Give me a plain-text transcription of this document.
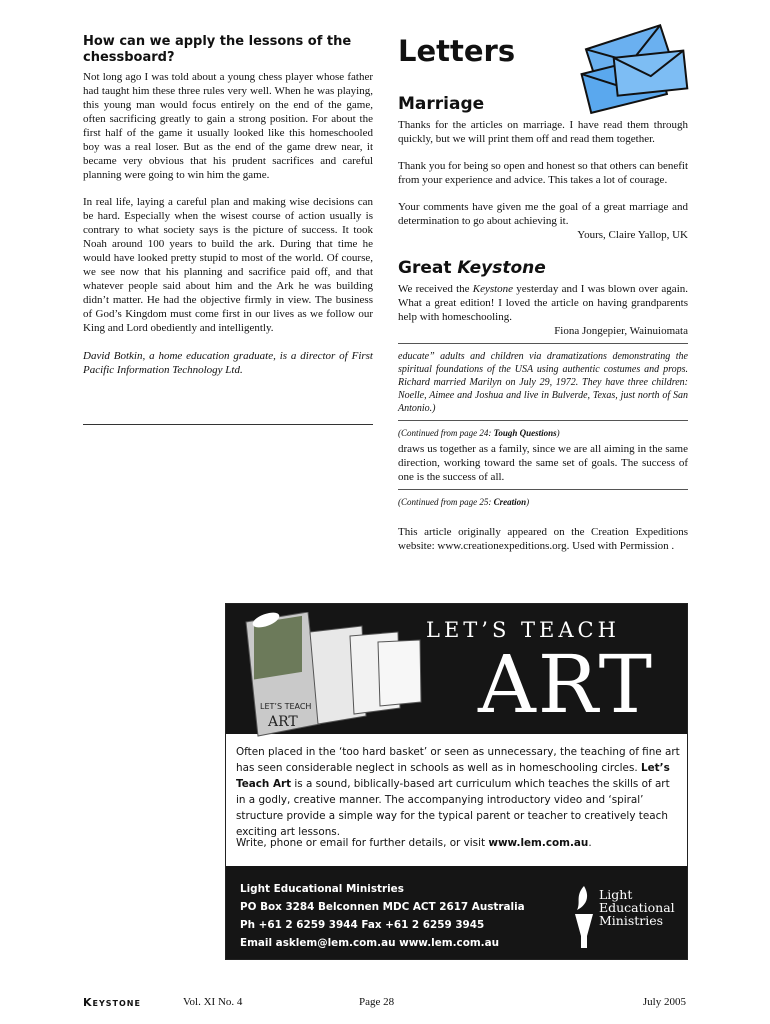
How can we apply the lessons of the chessboard?

Not long ago I was told about a young chess player whose father had taught him these three rules very well. When he was playing, this young man would focus entirely on the end of the game, often sacrificing greatly to gain a strong position. For about the first half of the game it usually looked like this homeschooled boy was a real loser. But as the end of the game drew near, it became very obvious that his prudent sacrifices and careful planning were going to win him the game.

In real life, laying a careful plan and making wise decisions can be hard. Especially when the wisest course of action usually is contrary to what society says is the picture of success. It took Noah around 100 years to build the ark. During that time he would have looked pretty stupid to most of the world. Of course, we see now that his planning and sacrifice paid off, and that whatever people said about him and the Ark he was building didn’t matter. He had the objective firmly in view. The business of God’s Kingdom must come first in our lives as we follow our King and Lord obediently and intelligently.

David Botkin, a home education graduate, is a director of First Pacific Information Technology Ltd.
Letters
Marriage

Thanks for the articles on marriage. I have read them through quickly, but we will print them off and read them together.

Thank you for being so open and honest so that others can benefit from your experience and advice. This takes a lot of courage.

Your comments have given me the goal of a great marriage and determination to go about achieving it.

Yours, Claire Yallop, UK
Great Keystone

We received the Keystone yesterday and I was blown over again. What a great edition! I loved the article on having grandparents help with homeschooling.

Fiona Jongepier, Wainuiomata
educate” adults and children via dramatizations demonstrating the spiritual foundations of the USA using authentic costumes and props. Richard married Marilyn on July 29, 1972. They have three children: Noelle, Aimee and Joshua and live in Bulverde, Texas, just north of San Antonio.)
(Continued from page 24: Tough Questions)

draws us together as a family, since we are all aiming in the same direction, working toward the same set of goals. The success of one is the success of all.

(Continued from page 25: Creation)

This article originally appeared on the Creation Expeditions website: www.creationexpeditions.org. Used with Permission .

LET’S TEACH
ART
LET’S TEACH
ART
Often placed in the ‘too hard basket’ or seen as unnecessary, the teaching of fine art has seen considerable neglect in schools as well as in homeschooling circles. Let’s Teach Art is a sound, biblically-based art curriculum which teaches the skills of art in a godly, creative manner. The accompanying introductory video and ‘spiral’ structure provide a simple way for the typical parent or teacher to creatively teach exciting art lessons.
Write, phone or email for further details, or visit www.lem.com.au.
Light Educational Ministries
PO Box 3284 Belconnen MDC ACT 2617 Australia
Ph +61 2 6259 3944 Fax +61 2 6259 3945
Email asklem@lem.com.au www.lem.com.au
Light
Educational
Ministries
Keystone	Vol. XI No. 4	Page 28	July 2005
